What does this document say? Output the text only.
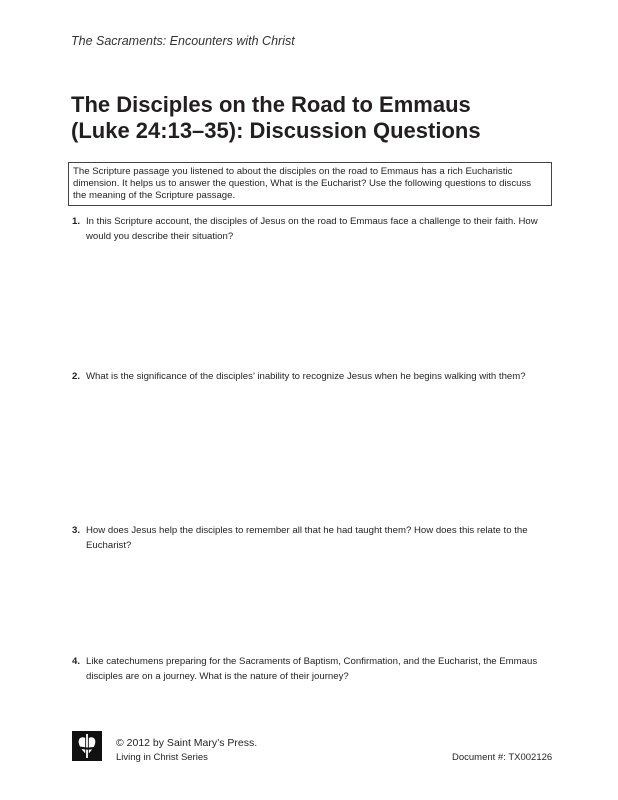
The Sacraments: Encounters with Christ
The Disciples on the Road to Emmaus
(Luke 24:13–35): Discussion Questions
The Scripture passage you listened to about the disciples on the road to Emmaus has a rich Eucharistic dimension. It helps us to answer the question, What is the Eucharist? Use the following questions to discuss the meaning of the Scripture passage.
1. In this Scripture account, the disciples of Jesus on the road to Emmaus face a challenge to their faith. How would you describe their situation?
2. What is the significance of the disciples’ inability to recognize Jesus when he begins walking with them?
3. How does Jesus help the disciples to remember all that he had taught them? How does this relate to the Eucharist?
4. Like catechumens preparing for the Sacraments of Baptism, Confirmation, and the Eucharist, the Emmaus disciples are on a journey. What is the nature of their journey?
© 2012 by Saint Mary’s Press.
Living in Christ Series	Document #: TX002126
